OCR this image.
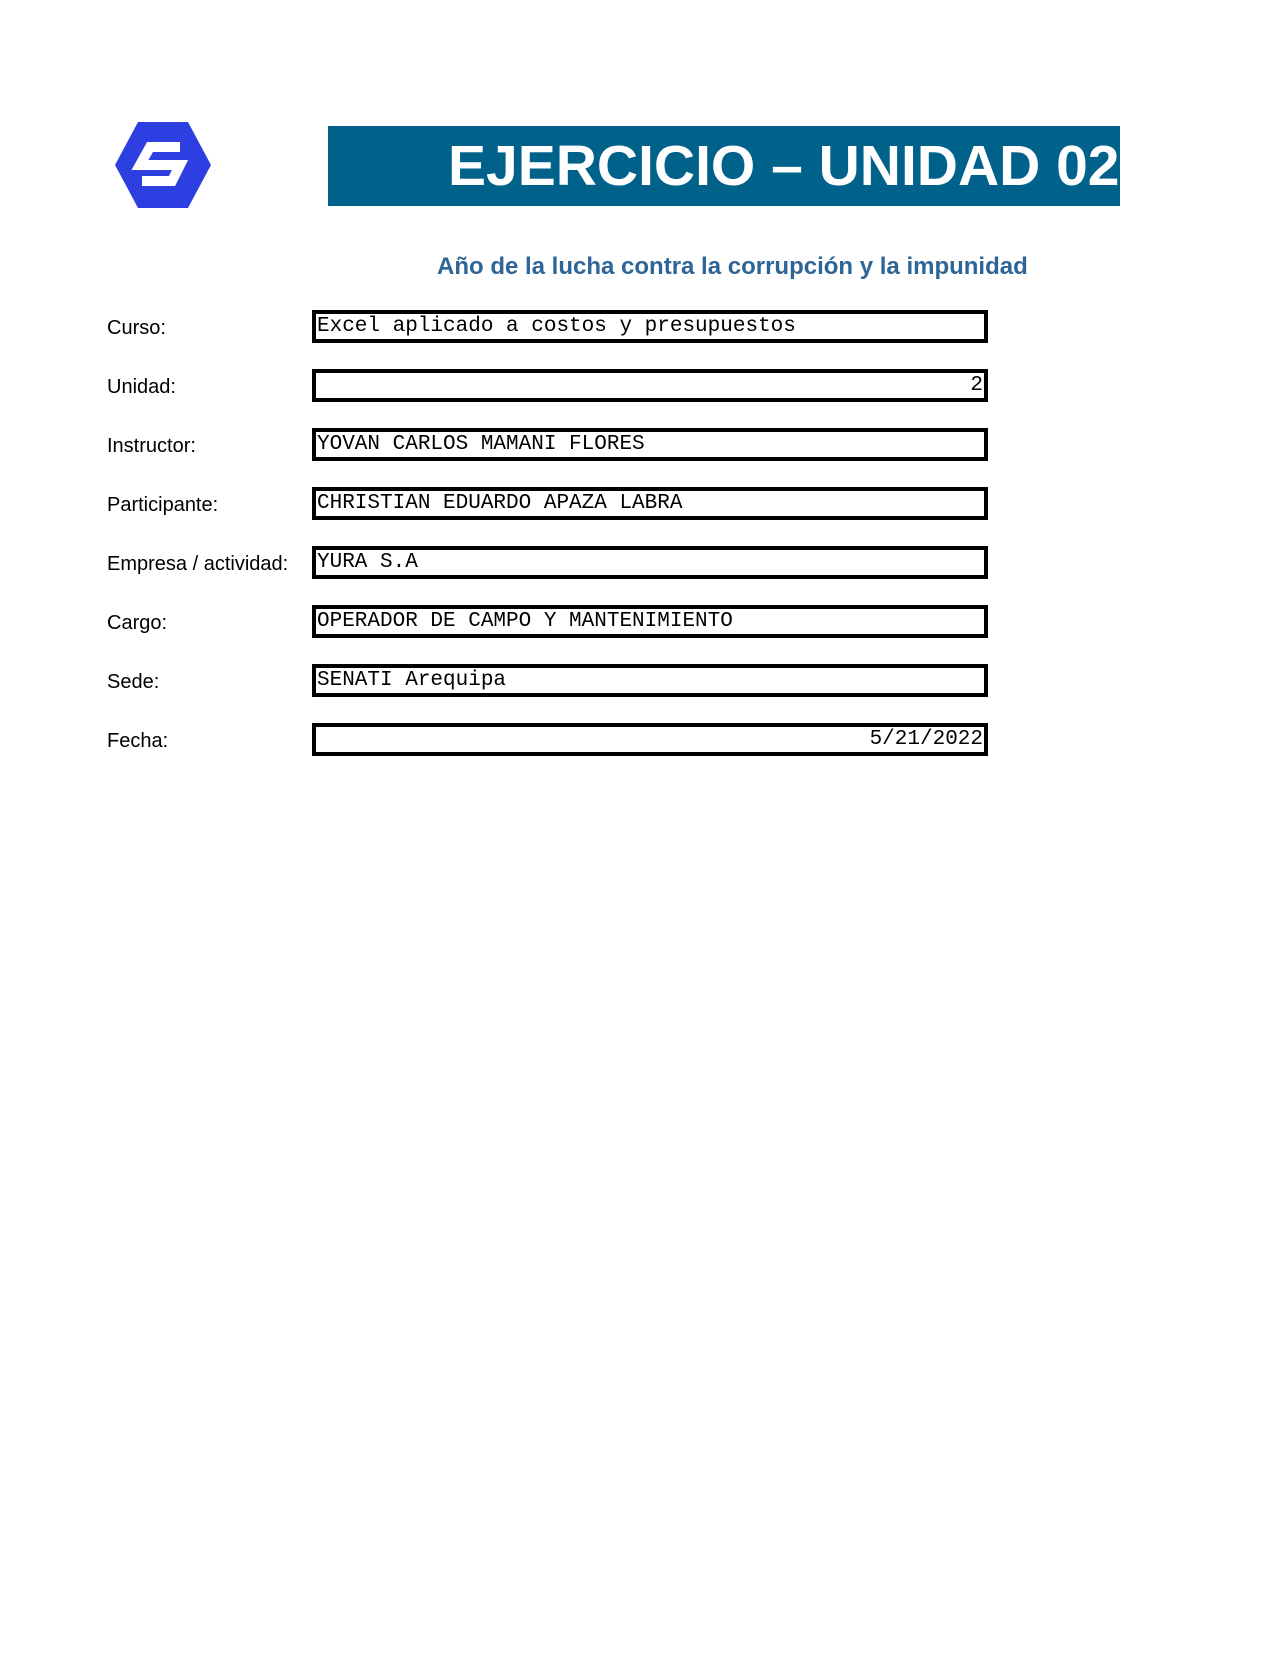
EJERCICIO – UNIDAD 02
Año de la lucha contra la corrupción y la impunidad
Curso:	Excel aplicado a costos y presupuestos
Unidad:	2
Instructor:	YOVAN CARLOS MAMANI FLORES
Participante:	CHRISTIAN EDUARDO APAZA LABRA
Empresa / actividad: YURA S.A
Cargo:	OPERADOR DE CAMPO Y MANTENIMIENTO
Sede:	SENATI Arequipa
Fecha:	5/21/2022
